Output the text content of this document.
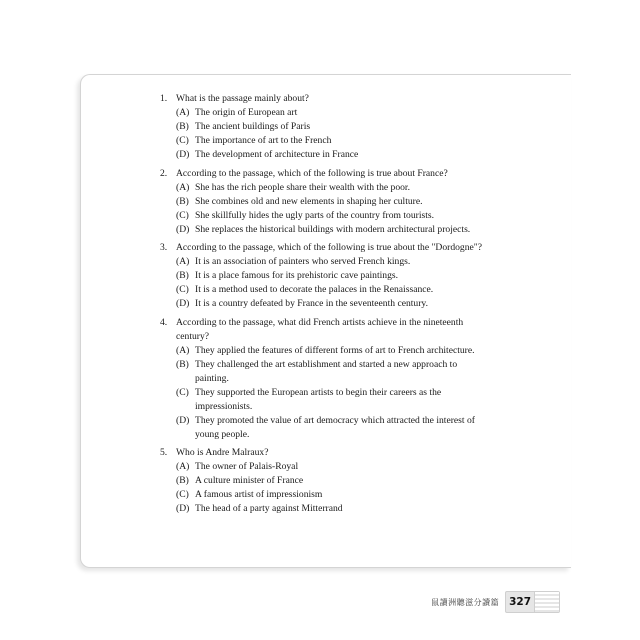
1. What is the passage mainly about?
(A) The origin of European art
(B) The ancient buildings of Paris
(C) The importance of art to the French
(D) The development of architecture in France
2. According to the passage, which of the following is true about France?
(A) She has the rich people share their wealth with the poor.
(B) She combines old and new elements in shaping her culture.
(C) She skillfully hides the ugly parts of the country from tourists.
(D) She replaces the historical buildings with modern architectural projects.
3. According to the passage, which of the following is true about the "Dordogne"?
(A) It is an association of painters who served French kings.
(B) It is a place famous for its prehistoric cave paintings.
(C) It is a method used to decorate the palaces in the Renaissance.
(D) It is a country defeated by France in the seventeenth century.
4. According to the passage, what did French artists achieve in the nineteenth century?
(A) They applied the features of different forms of art to French architecture.
(B) They challenged the art establishment and started a new approach to painting.
(C) They supported the European artists to begin their careers as the impressionists.
(D) They promoted the value of art democracy which attracted the interest of young people.
5. Who is Andre Malraux?
(A) The owner of Palais-Royal
(B) A culture minister of France
(C) A famous artist of impressionism
(D) The head of a party against Mitterrand
鼠讀洲聽滋分讀篇 327
